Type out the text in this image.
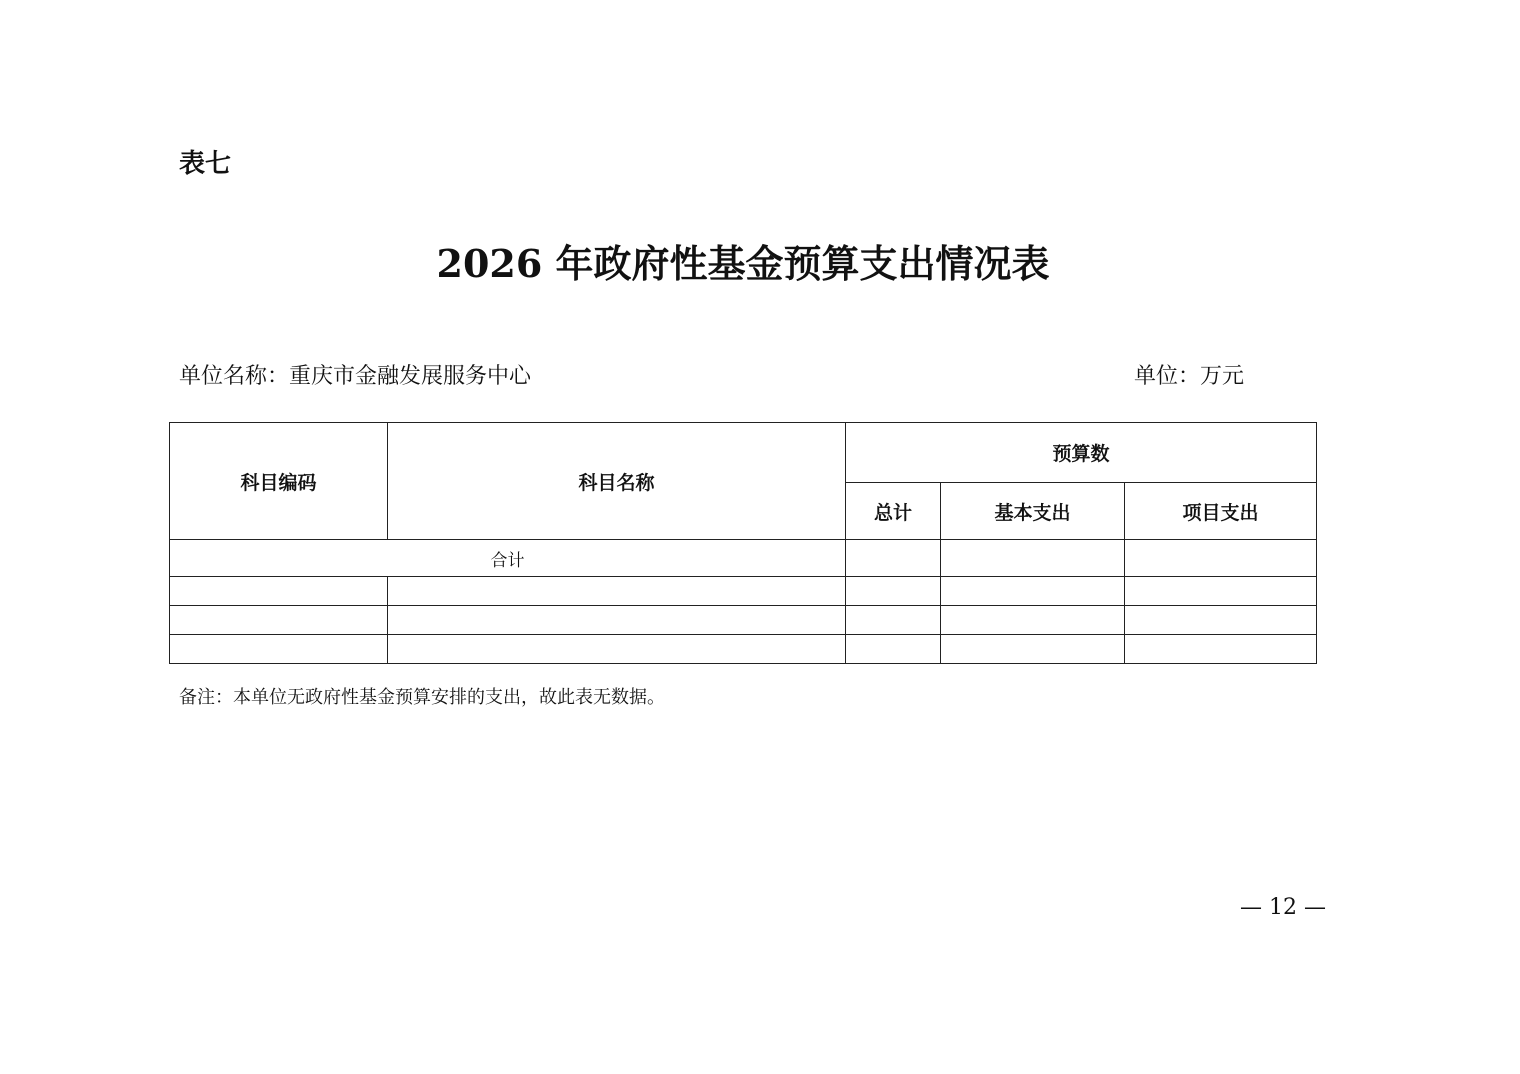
表七
2026 年政府性基金预算支出情况表
单位名称：重庆市金融发展服务中心	单位：万元
科目编码	科目名称	预算数		
		总计	基本支出	项目支出
合计				

备注：本单位无政府性基金预算安排的支出，故此表无数据。
— 12 —
